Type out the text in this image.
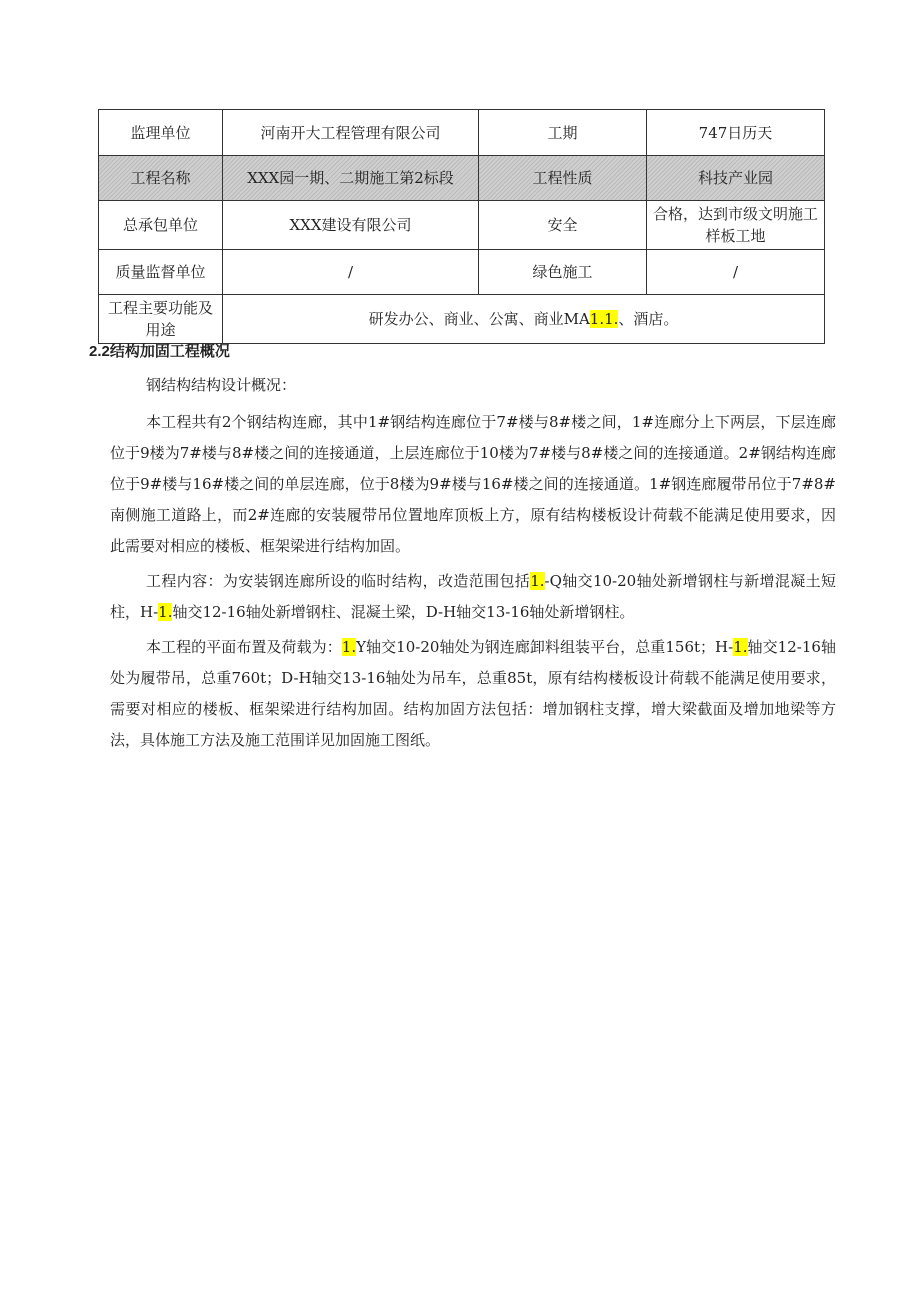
监理单位	河南开大工程管理有限公司	工期	747日历天
工程名称	XXX园一期、二期施工第2标段	工程性质	科技产业园
总承包单位	XXX建设有限公司	安全	合格，达到市级文明施工样板工地
质量监督单位	/	绿色施工	/
工程主要功能及用途	研发办公、商业、公寓、商业MA1.1.、酒店。		
2.2结构加固工程概况

钢结构结构设计概况：

本工程共有2个钢结构连廊，其中1#钢结构连廊位于7#楼与8#楼之间，1#连廊分上下两层，下层连廊位于9楼为7#楼与8#楼之间的连接通道，上层连廊位于10楼为7#楼与8#楼之间的连接通道。2#钢结构连廊位于9#楼与16#楼之间的单层连廊，位于8楼为9#楼与16#楼之间的连接通道。1#钢连廊履带吊位于7#8#南侧施工道路上，而2#连廊的安装履带吊位置地库顶板上方，原有结构楼板设计荷载不能满足使用要求，因此需要对相应的楼板、框架梁进行结构加固。

工程内容：为安装钢连廊所设的临时结构，改造范围包括1.-Q轴交10-20轴处新增钢柱与新增混凝土短柱，H-1.轴交12-16轴处新增钢柱、混凝土梁，D-H轴交13-16轴处新增钢柱。

本工程的平面布置及荷载为：1.Y轴交10-20轴处为钢连廊卸料组装平台，总重156t；H-1.轴交12-16轴处为履带吊，总重760t；D-H轴交13-16轴处为吊车，总重85t，原有结构楼板设计荷载不能满足使用要求，需要对相应的楼板、框架梁进行结构加固。结构加固方法包括：增加钢柱支撑，增大梁截面及增加地梁等方法，具体施工方法及施工范围详见加固施工图纸。
